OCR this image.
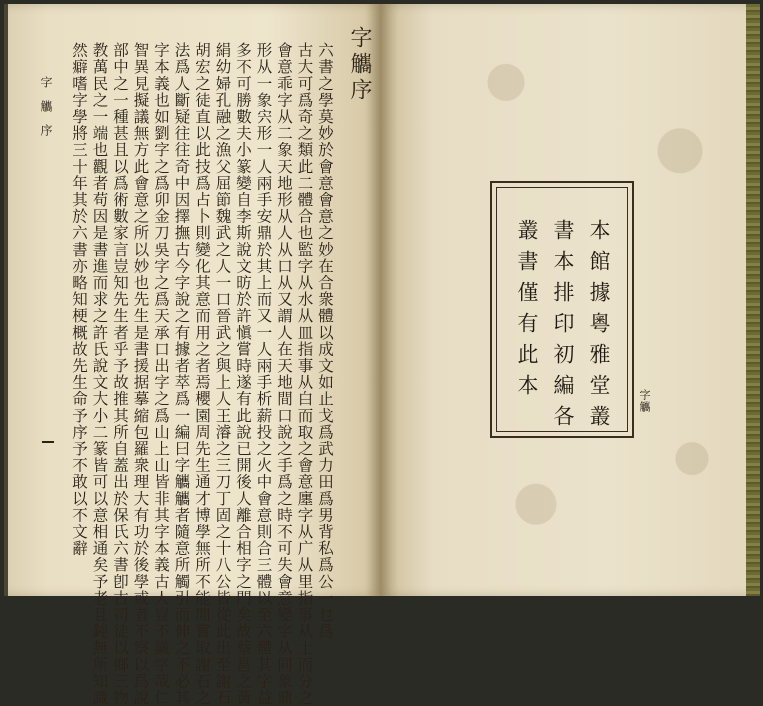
字觿序
六書之學莫妙於會意會意之妙在合衆體以成文如止戈爲武力田爲男背私爲公一乜爲
古大可爲奇之類此二體合也監字从水从皿指事从白而取之會意廛字从广从里指事从土而分之
會意乖字从二象天地形从人从口从又謂人在天地間口說之手爲之時不可失會意變字从同象鼎
形从一象宍形一人兩手安鼎於其上而又一人兩手析薪投之火中會意則合三體以至六體其字益
多不可勝數夫小篆變自李斯說文昉於許愼嘗時遂有此說已開後人離合相字之門矣故蔡邕之黃
絹幼婦孔融之漁父屈節魏武之人一口晉武之與上人王濬之三刀丁固之十八公皆從此出至謝石
胡宏之徒直以此技爲占卜則變化其意而用之者焉櫻園周先生通才博學無所不能閒嘗取謝石之
法爲人斷疑往往奇中因擇撫古今字說之有據者萃爲一編曰字觿觿者隨意所觸引而伸之不必其
字本義也如劉字之爲卯金刀吳字之爲天承口出字之爲山上山皆非其字本義古人豈不識字哉仁
智異見擬議無方此會意之所以妙也先生是書援据摹縮包羅衆理大有功於後學或者不察以爲說
部中之一種甚且以爲術數家言豈知先生者乎予故推其所自蓋出於保氏六書卽古司徒以鄉三物
教萬民之一端也觀者苟因是書進而求之許氏說文大小二篆皆可以意相通矣予老且鈍無所知識
然癖嗜字學將三十年其於六書亦略知梗概故先生命予序予不敢以不文辭
字觿序
本館據粵雅堂叢
書本排印初編各
叢書僅有此本	字觿
